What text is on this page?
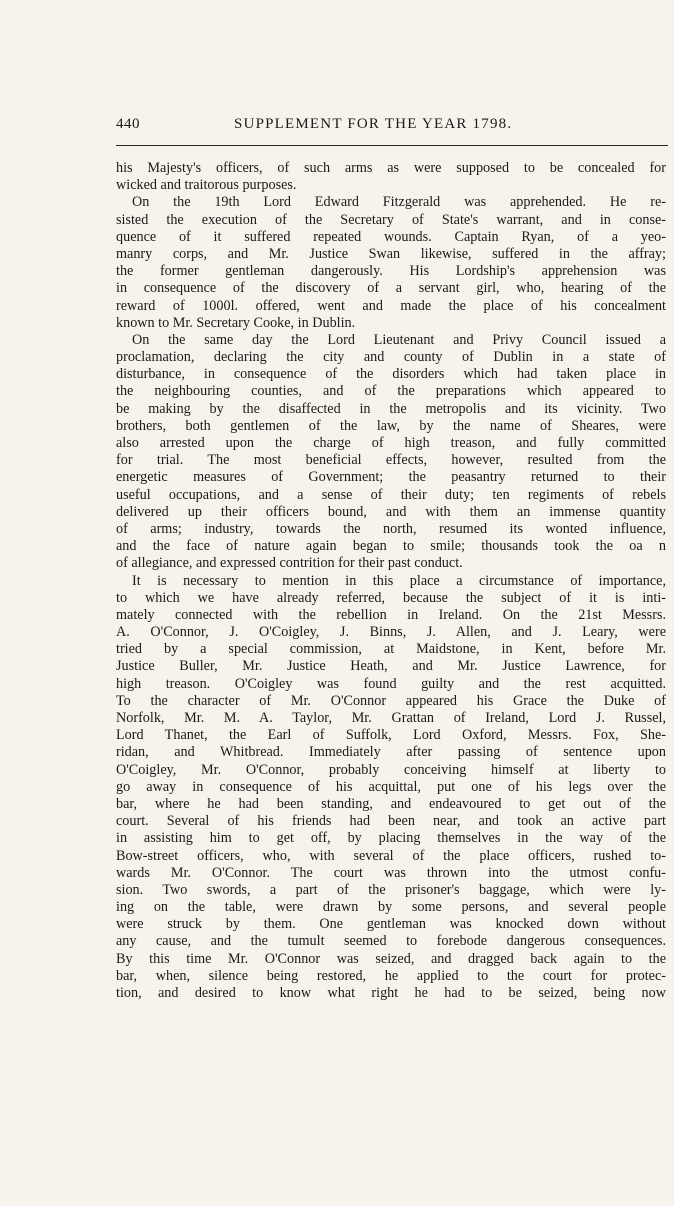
440	SUPPLEMENT FOR THE YEAR 1798.
his Majesty's officers, of such arms as were supposed to be concealed for
wicked and traitorous purposes.
On the 19th Lord Edward Fitzgerald was apprehended. He re-
sisted the execution of the Secretary of State's warrant, and in conse-
quence of it suffered repeated wounds. Captain Ryan, of a yeo-
manry corps, and Mr. Justice Swan likewise, suffered in the affray;
the former gentleman dangerously. His Lordship's apprehension was
in consequence of the discovery of a servant girl, who, hearing of the
reward of 1000l. offered, went and made the place of his concealment
known to Mr. Secretary Cooke, in Dublin.
On the same day the Lord Lieutenant and Privy Council issued a
proclamation, declaring the city and county of Dublin in a state of
disturbance, in consequence of the disorders which had taken place in
the neighbouring counties, and of the preparations which appeared to
be making by the disaffected in the metropolis and its vicinity. Two
brothers, both gentlemen of the law, by the name of Sheares, were
also arrested upon the charge of high treason, and fully committed
for trial. The most beneficial effects, however, resulted from the
energetic measures of Government; the peasantry returned to their
useful occupations, and a sense of their duty; ten regiments of rebels
delivered up their officers bound, and with them an immense quantity
of arms; industry, towards the north, resumed its wonted influence,
and the face of nature again began to smile; thousands took the oa n
of allegiance, and expressed contrition for their past conduct.
It is necessary to mention in this place a circumstance of importance,
to which we have already referred, because the subject of it is inti-
mately connected with the rebellion in Ireland. On the 21st Messrs.
A. O'Connor, J. O'Coigley, J. Binns, J. Allen, and J. Leary, were
tried by a special commission, at Maidstone, in Kent, before Mr.
Justice Buller, Mr. Justice Heath, and Mr. Justice Lawrence, for
high treason. O'Coigley was found guilty and the rest acquitted.
To the character of Mr. O'Connor appeared his Grace the Duke of
Norfolk, Mr. M. A. Taylor, Mr. Grattan of Ireland, Lord J. Russel,
Lord Thanet, the Earl of Suffolk, Lord Oxford, Messrs. Fox, She-
ridan, and Whitbread. Immediately after passing of sentence upon
O'Coigley, Mr. O'Connor, probably conceiving himself at liberty to
go away in consequence of his acquittal, put one of his legs over the
bar, where he had been standing, and endeavoured to get out of the
court. Several of his friends had been near, and took an active part
in assisting him to get off, by placing themselves in the way of the
Bow-street officers, who, with several of the place officers, rushed to-
wards Mr. O'Connor. The court was thrown into the utmost confu-
sion. Two swords, a part of the prisoner's baggage, which were ly-
ing on the table, were drawn by some persons, and several people
were struck by them. One gentleman was knocked down without
any cause, and the tumult seemed to forebode dangerous consequences.
By this time Mr. O'Connor was seized, and dragged back again to the
bar, when, silence being restored, he applied to the court for protec-
tion, and desired to know what right he had to be seized, being now
